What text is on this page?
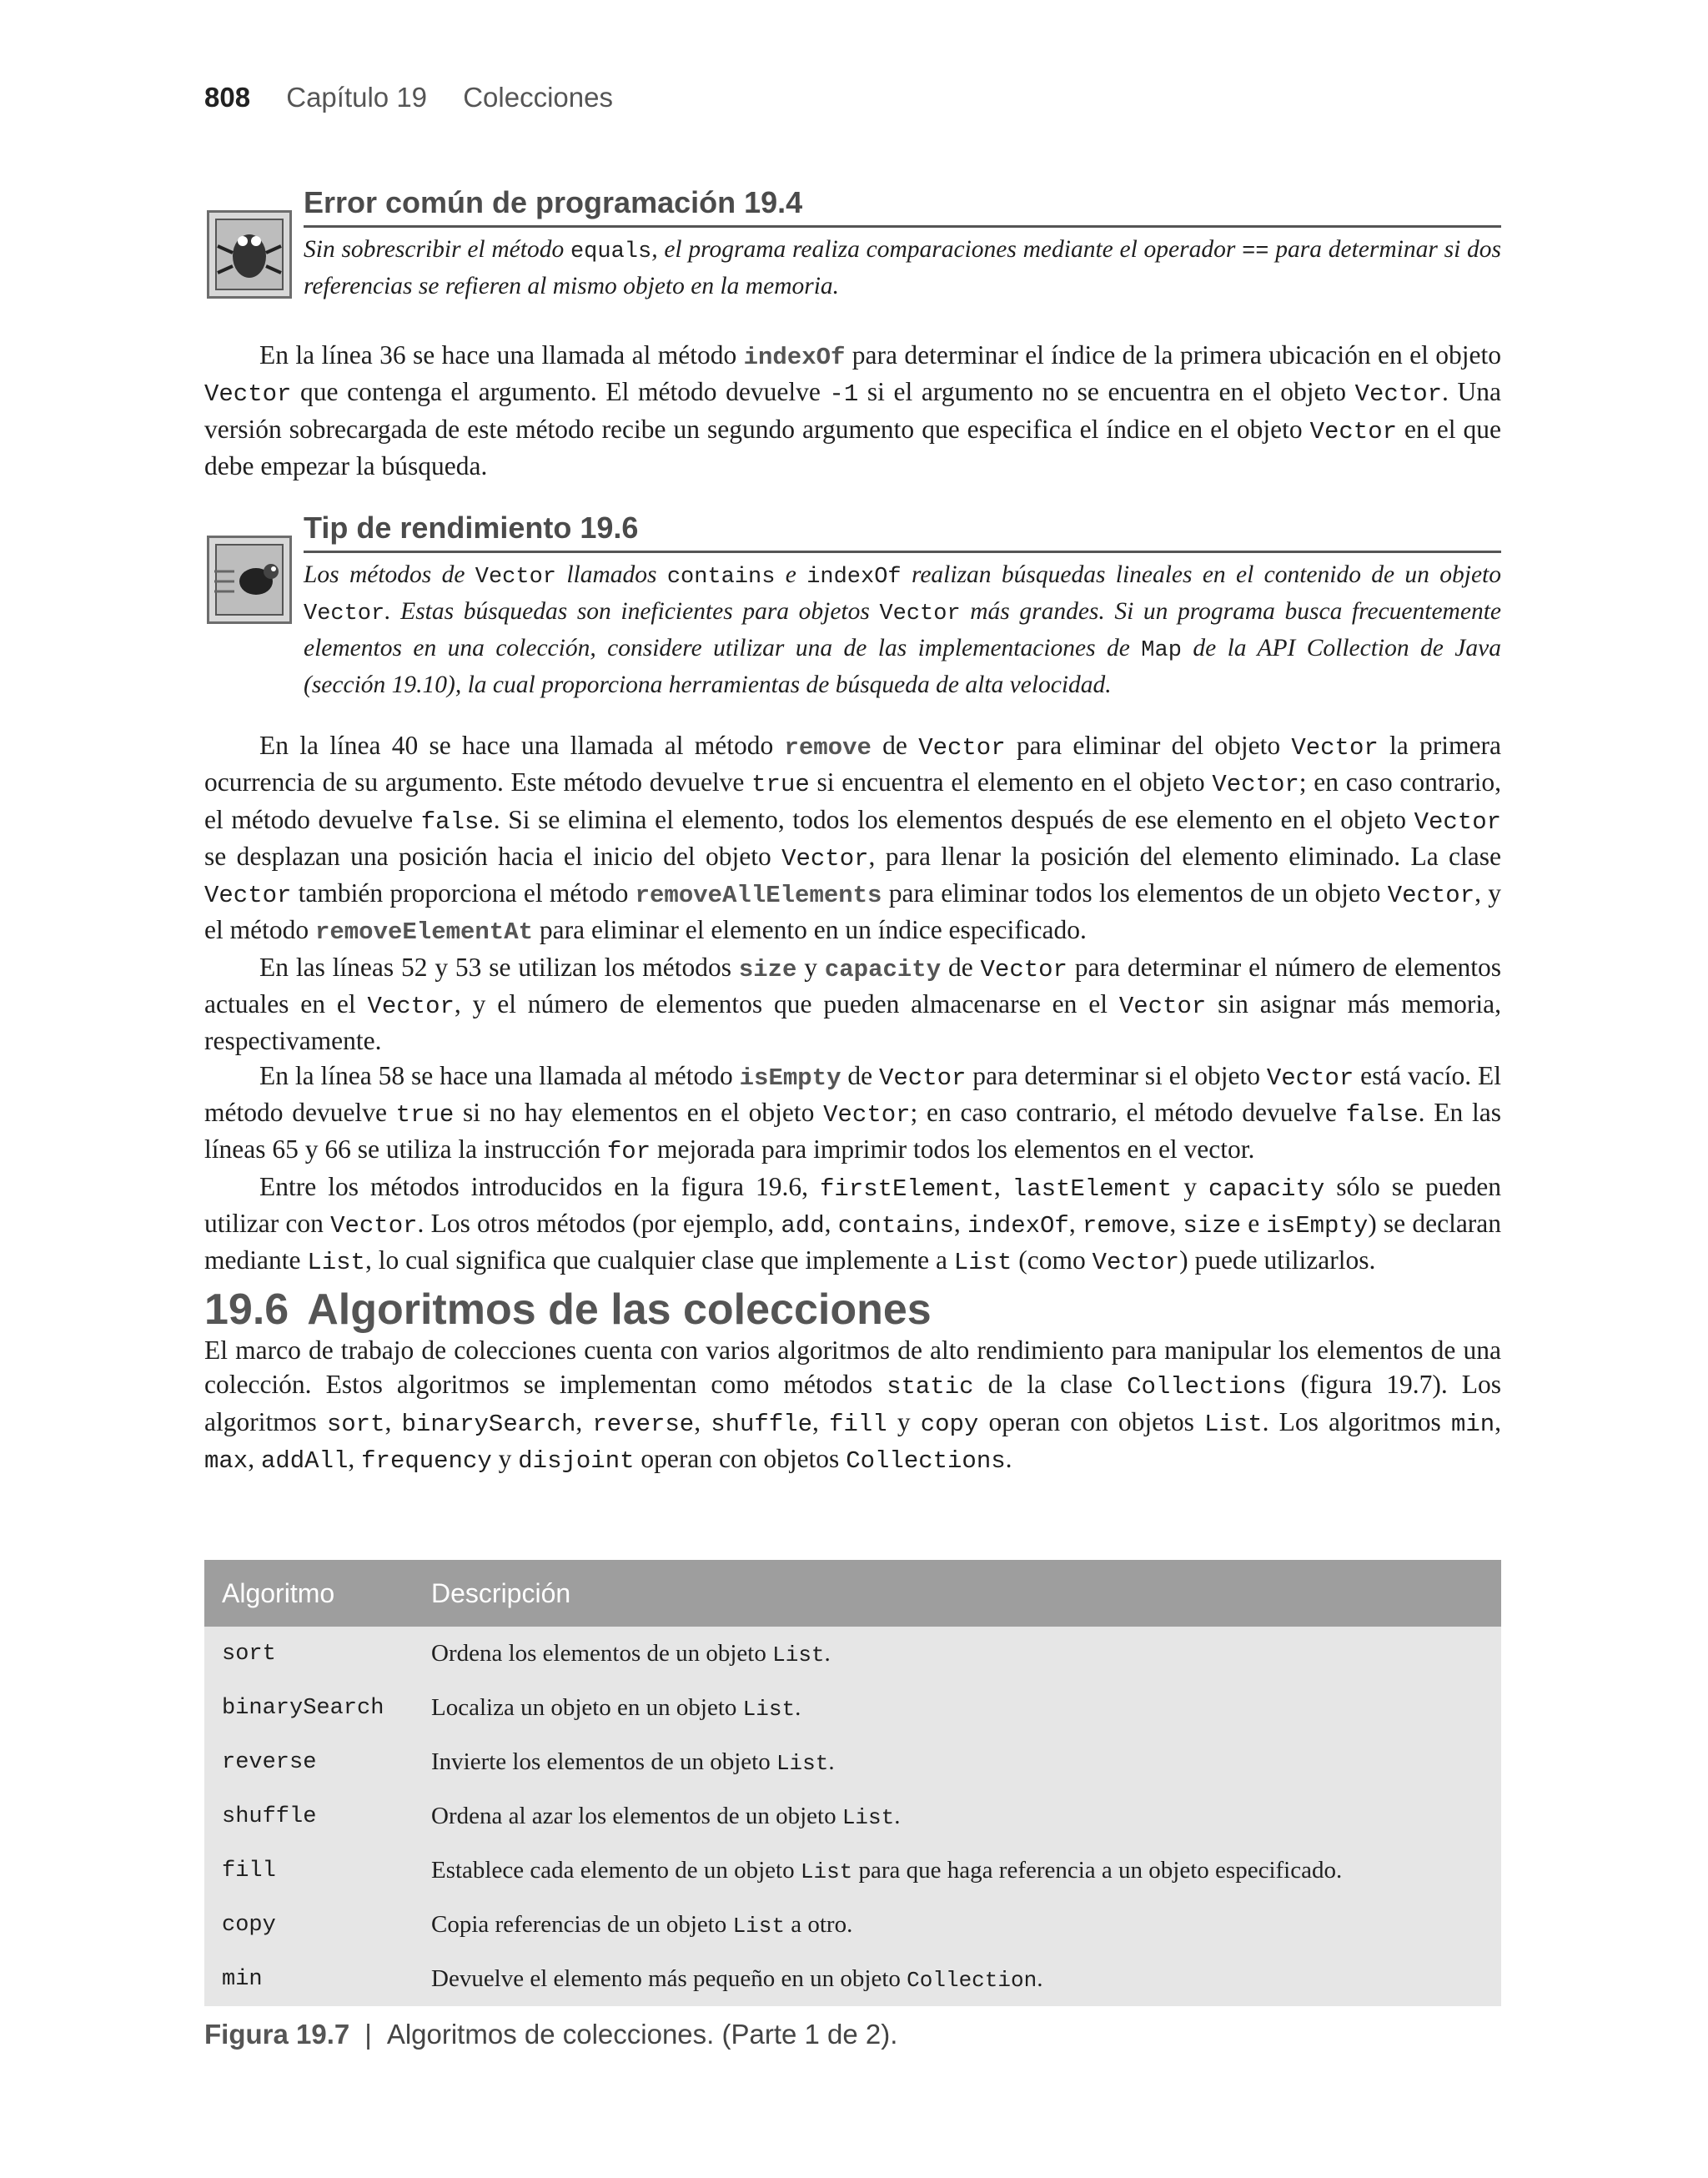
808 Capítulo 19 Colecciones
Error común de programación 19.4
Sin sobrescribir el método equals, el programa realiza comparaciones mediante el operador == para determinar si dos referencias se refieren al mismo objeto en la memoria.

En la línea 36 se hace una llamada al método indexOf para determinar el índice de la primera ubicación en el objeto Vector que contenga el argumento. El método devuelve -1 si el argumento no se encuentra en el objeto Vector. Una versión sobrecargada de este método recibe un segundo argumento que especifica el índice en el objeto Vector en el que debe empezar la búsqueda.

Tip de rendimiento 19.6
Los métodos de Vector llamados contains e indexOf realizan búsquedas lineales en el contenido de un objeto Vector. Estas búsquedas son ineficientes para objetos Vector más grandes. Si un programa busca frecuentemente elementos en una colección, considere utilizar una de las implementaciones de Map de la API Collection de Java (sección 19.10), la cual proporciona herramientas de búsqueda de alta velocidad.

En la línea 40 se hace una llamada al método remove de Vector para eliminar del objeto Vector la primera ocurrencia de su argumento. Este método devuelve true si encuentra el elemento en el objeto Vector; en caso contrario, el método devuelve false. Si se elimina el elemento, todos los elementos después de ese elemento en el objeto Vector se desplazan una posición hacia el inicio del objeto Vector, para llenar la posición del elemento eliminado. La clase Vector también proporciona el método removeAllElements para eliminar todos los elementos de un objeto Vector, y el método removeElementAt para eliminar el elemento en un índice especificado.

En las líneas 52 y 53 se utilizan los métodos size y capacity de Vector para determinar el número de elementos actuales en el Vector, y el número de elementos que pueden almacenarse en el Vector sin asignar más memoria, respectivamente.

En la línea 58 se hace una llamada al método isEmpty de Vector para determinar si el objeto Vector está vacío. El método devuelve true si no hay elementos en el objeto Vector; en caso contrario, el método devuelve false. En las líneas 65 y 66 se utiliza la instrucción for mejorada para imprimir todos los elementos en el vector.

Entre los métodos introducidos en la figura 19.6, firstElement, lastElement y capacity sólo se pueden utilizar con Vector. Los otros métodos (por ejemplo, add, contains, indexOf, remove, size e isEmpty) se declaran mediante List, lo cual significa que cualquier clase que implemente a List (como Vector) puede utilizarlos.

19.6 Algoritmos de las colecciones

El marco de trabajo de colecciones cuenta con varios algoritmos de alto rendimiento para manipular los elementos de una colección. Estos algoritmos se implementan como métodos static de la clase Collections (figura 19.7). Los algoritmos sort, binarySearch, reverse, shuffle, fill y copy operan con objetos List. Los algoritmos min, max, addAll, frequency y disjoint operan con objetos Collections.

Algoritmo	Descripción
sort	Ordena los elementos de un objeto List.
binarySearch	Localiza un objeto en un objeto List.
reverse	Invierte los elementos de un objeto List.
shuffle	Ordena al azar los elementos de un objeto List.
fill	Establece cada elemento de un objeto List para que haga referencia a un objeto especificado.
copy	Copia referencias de un objeto List a otro.
min	Devuelve el elemento más pequeño en un objeto Collection.
Figura 19.7 | Algoritmos de colecciones. (Parte 1 de 2).
